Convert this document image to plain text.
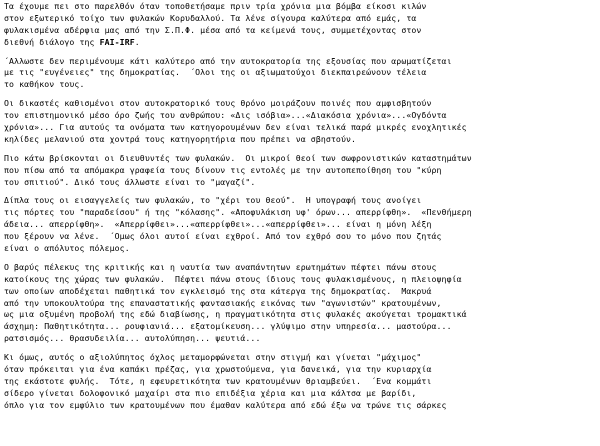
Τα έχουμε πει στο παρελθόν όταν τοποθετήσαμε πριν τρία χρόνια μια βόμβα είκοσι κιλών
στον εξωτερικό τοίχο των φυλακών Κορυδαλλού. Τα λένε σίγουρα καλύτερα από εμάς, τα
φυλακισμένα αδέρφια μας από την Σ.Π.Φ. μέσα από τα κείμενά τους, συμμετέχοντας στον
διεθνή διάλογο της FAI-IRF.
΄Αλλωστε δεν περιμένουμε κάτι καλύτερο από την αυτοκρατορία της εξουσίας που αρωματίζεται
με τις "ευγένειες" της δημοκρατίας.  ΄Ολοι της οι αξιωματούχοι διεκπαιρεώνουν τέλεια
το καθήκον τους.
Οι δικαστές καθισμένοι στον αυτοκρατορικό τους θρόνο μοιράζουν ποινές που αμφισβητούν
τον επιστημονικό μέσο όρο ζωής του ανθρώπου: «Δις ισόβια»...«Διακόσια χρόνια»...«Ογδόντα
χρόνια»... Για αυτούς τα ονόματα των κατηγορουμένων δεν είναι τελικά παρά μικρές ενοχλητικές
κηλίδες μελανιού στα χοντρά τους κατηγορητήρια που πρέπει να σβηστούν.
Πιο κάτω βρίσκονται οι διευθυντές των φυλακών.  Οι μικροί θεοί των σωφρονιστικών καταστημάτων
που πίσω από τα απόμακρα γραφεία τους δίνουν τις εντολές με την αυτοπεποίθηση του "κύρη
του σπιτιού". Δικό τους άλλωστε είναι το "μαγαζί".
Δίπλα τους οι εισαγγελείς των φυλακών, το "χέρι του θεού".  Η υπογραφή τους ανοίγει
τις πόρτες του "παραδείσου" ή της "κόλασης". «Αποφυλάκιση υφ' όρων... απερρίφθη».  «Πενθήμερη
άδεια... απερρίφθη».  «Απερρίφθει»...«απερρίφθει»...«απερρίφθει»... είναι η μόνη λέξη
που ξέρουν να λένε.  ΄Ομως όλοι αυτοί είναι εχθροί. Από τον εχθρό σου το μόνο που ζητάς
είναι ο απόλυτος πόλεμος.
Ο βαρύς πέλεκυς της κριτικής και η ναυτία των αναπάντητων ερωτημάτων πέφτει πάνω στους
κατοίκους της χώρας των φυλακών.  Πέφτει πάνω στους ίδιους τους φυλακισμένους, η πλειοψηφία
των οποίων αποδέχεται παθητικά τον εγκλεισμό της στα κάτεργα της δημοκρατίας.  Μακρυά
από την υποκουλτούρα της επαναστατικής φαντασιακής εικόνας των "αγωνιστών" κρατουμένων,
ως μια οξυμένη προβολή της εδώ διαβίωσης, η πραγματικότητα στις φυλακές ακούγεται τρομακτικά
άσχημη: Παθητικότητα... ρουφιανιά... εξατομίκευση... γλύψιμο στην υπηρεσία... μαστούρα...
ρατσισμός... θρασυδειλία... αυτολύπηση... ψευτιά...
Κι όμως, αυτός ο αξιολύπητος όχλος μεταμορφώνεται στην στιγμή και γίνεται "μάχιμος"
όταν πρόκειται για ένα καπάκι πρέζας, για χρωστούμενα, για δανεικά, για την κυριαρχία
της εκάστοτε φυλής.  Τότε, η εφευρετικότητα των κρατουμένων θριαμβεύει.  ΄Ενα κομμάτι
σίδερο γίνεται δολοφονικό μαχαίρι στα πιο επιδέξια χέρια και μια κάλτσα με βαρίδι,
όπλο για τον εμφύλιο των κρατουμένων που έμαθαν καλύτερα από εδώ έξω να τρώνε τις σάρκες
